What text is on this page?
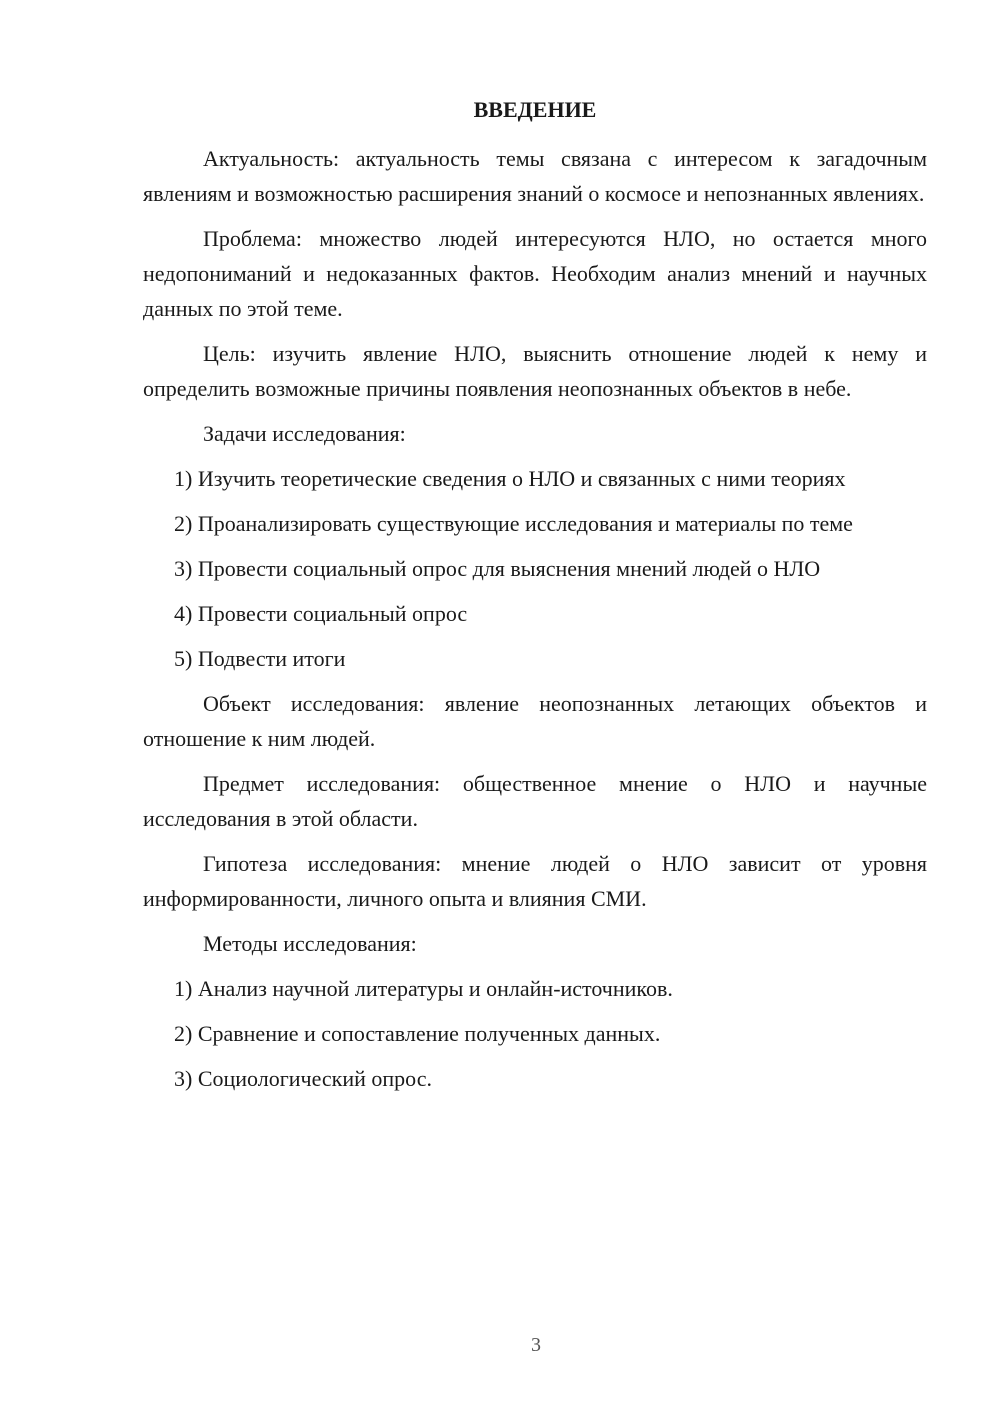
ВВЕДЕНИЕ

Актуальность: актуальность темы связана с интересом к загадочным явлениям и возможностью расширения знаний о космосе и непознанных явлениях.

Проблема: множество людей интересуются НЛО, но остается много недопониманий и недоказанных фактов. Необходим анализ мнений и научных данных по этой теме.

Цель: изучить явление НЛО, выяснить отношение людей к нему и определить возможные причины появления неопознанных объектов в небе.

Задачи исследования:

1) Изучить теоретические сведения о НЛО и связанных с ними теориях

2) Проанализировать существующие исследования и материалы по теме

3) Провести социальный опрос для выяснения мнений людей о НЛО

4) Провести социальный опрос

5) Подвести итоги

Объект исследования: явление неопознанных летающих объектов и отношение к ним людей.

Предмет исследования: общественное мнение о НЛО и научные исследования в этой области.

Гипотеза исследования: мнение людей о НЛО зависит от уровня информированности, личного опыта и влияния СМИ.

Методы исследования:

1) Анализ научной литературы и онлайн-источников.

2) Сравнение и сопоставление полученных данных.

3) Социологический опрос.

3
